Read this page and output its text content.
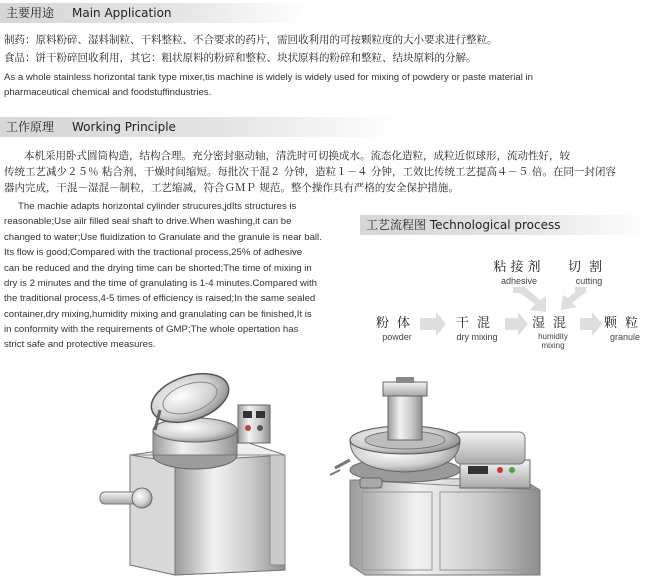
主要用途 Main Application
制药：原料粉碎、湿料制粒、干料整粒、不合要求的药片，需回收利用的可按颗粒度的大小要求进行整粒。
食品：饼干粉碎回收利用，其它：粗状原料的粉碎和整粒、块状原料的粉碎和整粒、结块原料的分解。
As a whole stainless horizontal tank type mixer,tis machine is widely is widely used for mixing of powdery or paste material in
pharmaceutical chemical and foodstuffindustries.
工作原理 Working Principle
本机采用卧式圆筒构造，结构合理。充分密封驱动轴，清洗时可切换成水。流态化造粒，成粒近似球形，流动性好，较
传统工艺减少２５％ 粘合剂，干燥时间缩短。每批次干混２ 分钟，造粒１－４ 分钟，工效比传统工艺提高４－５ 倍。在同一封闭容
器内完成，干混－湿混－制粒，工艺缩减，符合ＧＭＰ 规范。整个操作具有严格的安全保护措施。
The machie adapts horizontal cylinder strucures,jdIts structures is
reasonable;Use ailr filled seal shaft to drive.When washing,it can be
changed to water;Use fluidization to Granulate and the granule is near ball.
Its flow is good;Compared with the tractional process,25% of adhesive
can be reduced and the drying time can be shorted;The time of mixing in
dry is 2 minutes and the time of granulating is 1-4 minutes.Compared with
the traditional process,4-5 times of efficiency is raised;In the same sealed
container,dry mixing,humidity mixing and granulating can be finished,It is
in conformity with the requirements of GMP;The whole opertation has
strict safe and protective measures.
工艺流程图 Technological process
粘接剂
adhesive
切割
cutting
粉体
powder
干混
dry mixing
湿混
humidity
mixing
颗粒
granule
